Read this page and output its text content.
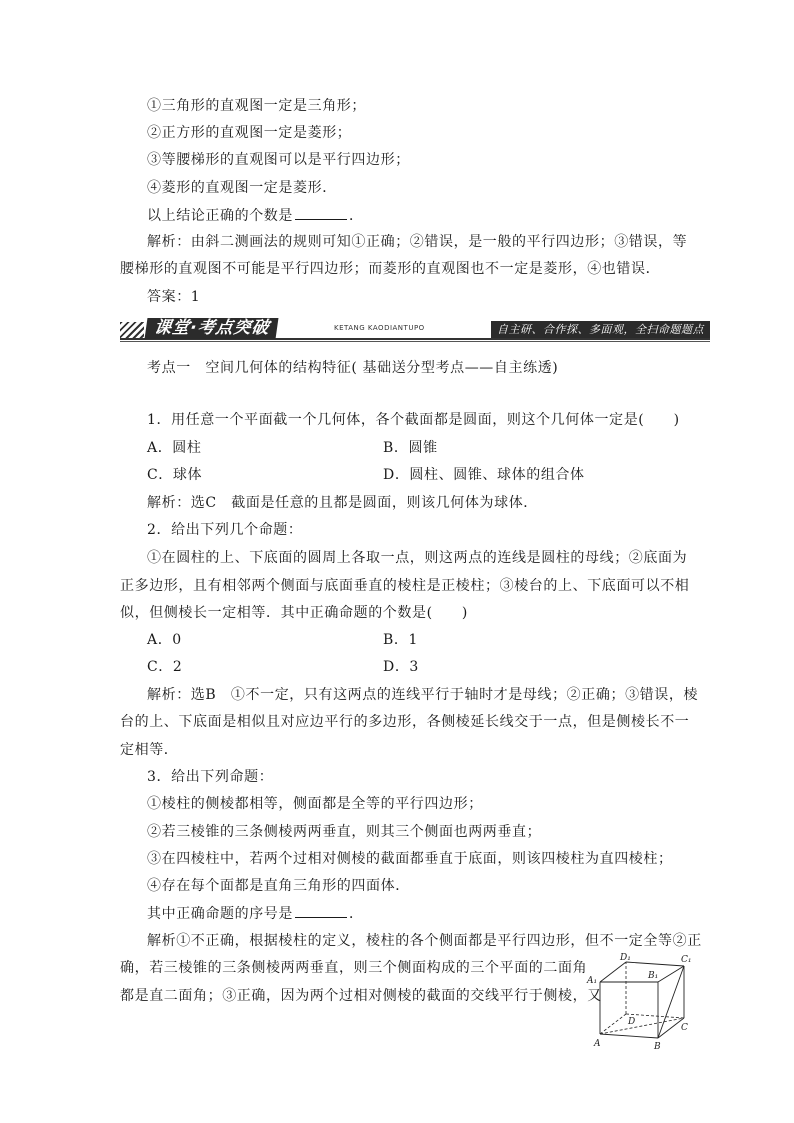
①三角形的直观图一定是三角形；
②正方形的直观图一定是菱形；
③等腰梯形的直观图可以是平行四边形；
④菱形的直观图一定是菱形．
以上结论正确的个数是	．
解析：由斜二测画法的规则可知①正确；②错误，是一般的平行四边形；③错误，等
腰梯形的直观图不可能是平行四边形；而菱形的直观图也不一定是菱形，④也错误．
答案：1
课堂·考点突破	KETANG KAODIANTUPO	自主研、合作探、多面观，全扫命题题点
考点一　空间几何体的结构特征( 基础送分型考点——自主练透)
1．用任意一个平面截一个几何体，各个截面都是圆面，则这个几何体一定是(　　)
A．圆柱	B．圆锥
C．球体	D．圆柱、圆锥、球体的组合体
解析：选C　截面是任意的且都是圆面，则该几何体为球体．
2．给出下列几个命题：
①在圆柱的上、下底面的圆周上各取一点，则这两点的连线是圆柱的母线；②底面为
正多边形，且有相邻两个侧面与底面垂直的棱柱是正棱柱；③棱台的上、下底面可以不相
似，但侧棱长一定相等．其中正确命题的个数是(　　)
A．0	B．1
C．2	D．3
解析：选B　①不一定，只有这两点的连线平行于轴时才是母线；②正确；③错误，棱
台的上、下底面是相似且对应边平行的多边形，各侧棱延长线交于一点，但是侧棱长不一
定相等．
3．给出下列命题：
①棱柱的侧棱都相等，侧面都是全等的平行四边形；
②若三棱锥的三条侧棱两两垂直，则其三个侧面也两两垂直；
③在四棱柱中，若两个过相对侧棱的截面都垂直于底面，则该四棱柱为直四棱柱；
④存在每个面都是直角三角形的四面体．
其中正确命题的序号是	．
解析①不正确，根据棱柱的定义，棱柱的各个侧面都是平行四边形，但不一定全等②正
确，若三棱锥的三条侧棱两两垂直，则三个侧面构成的三个平面的二面角
都是直二面角；③正确，因为两个过相对侧棱的截面的交线平行于侧棱，又
A₁
D₁
B₁
C₁
D
A	B
C
